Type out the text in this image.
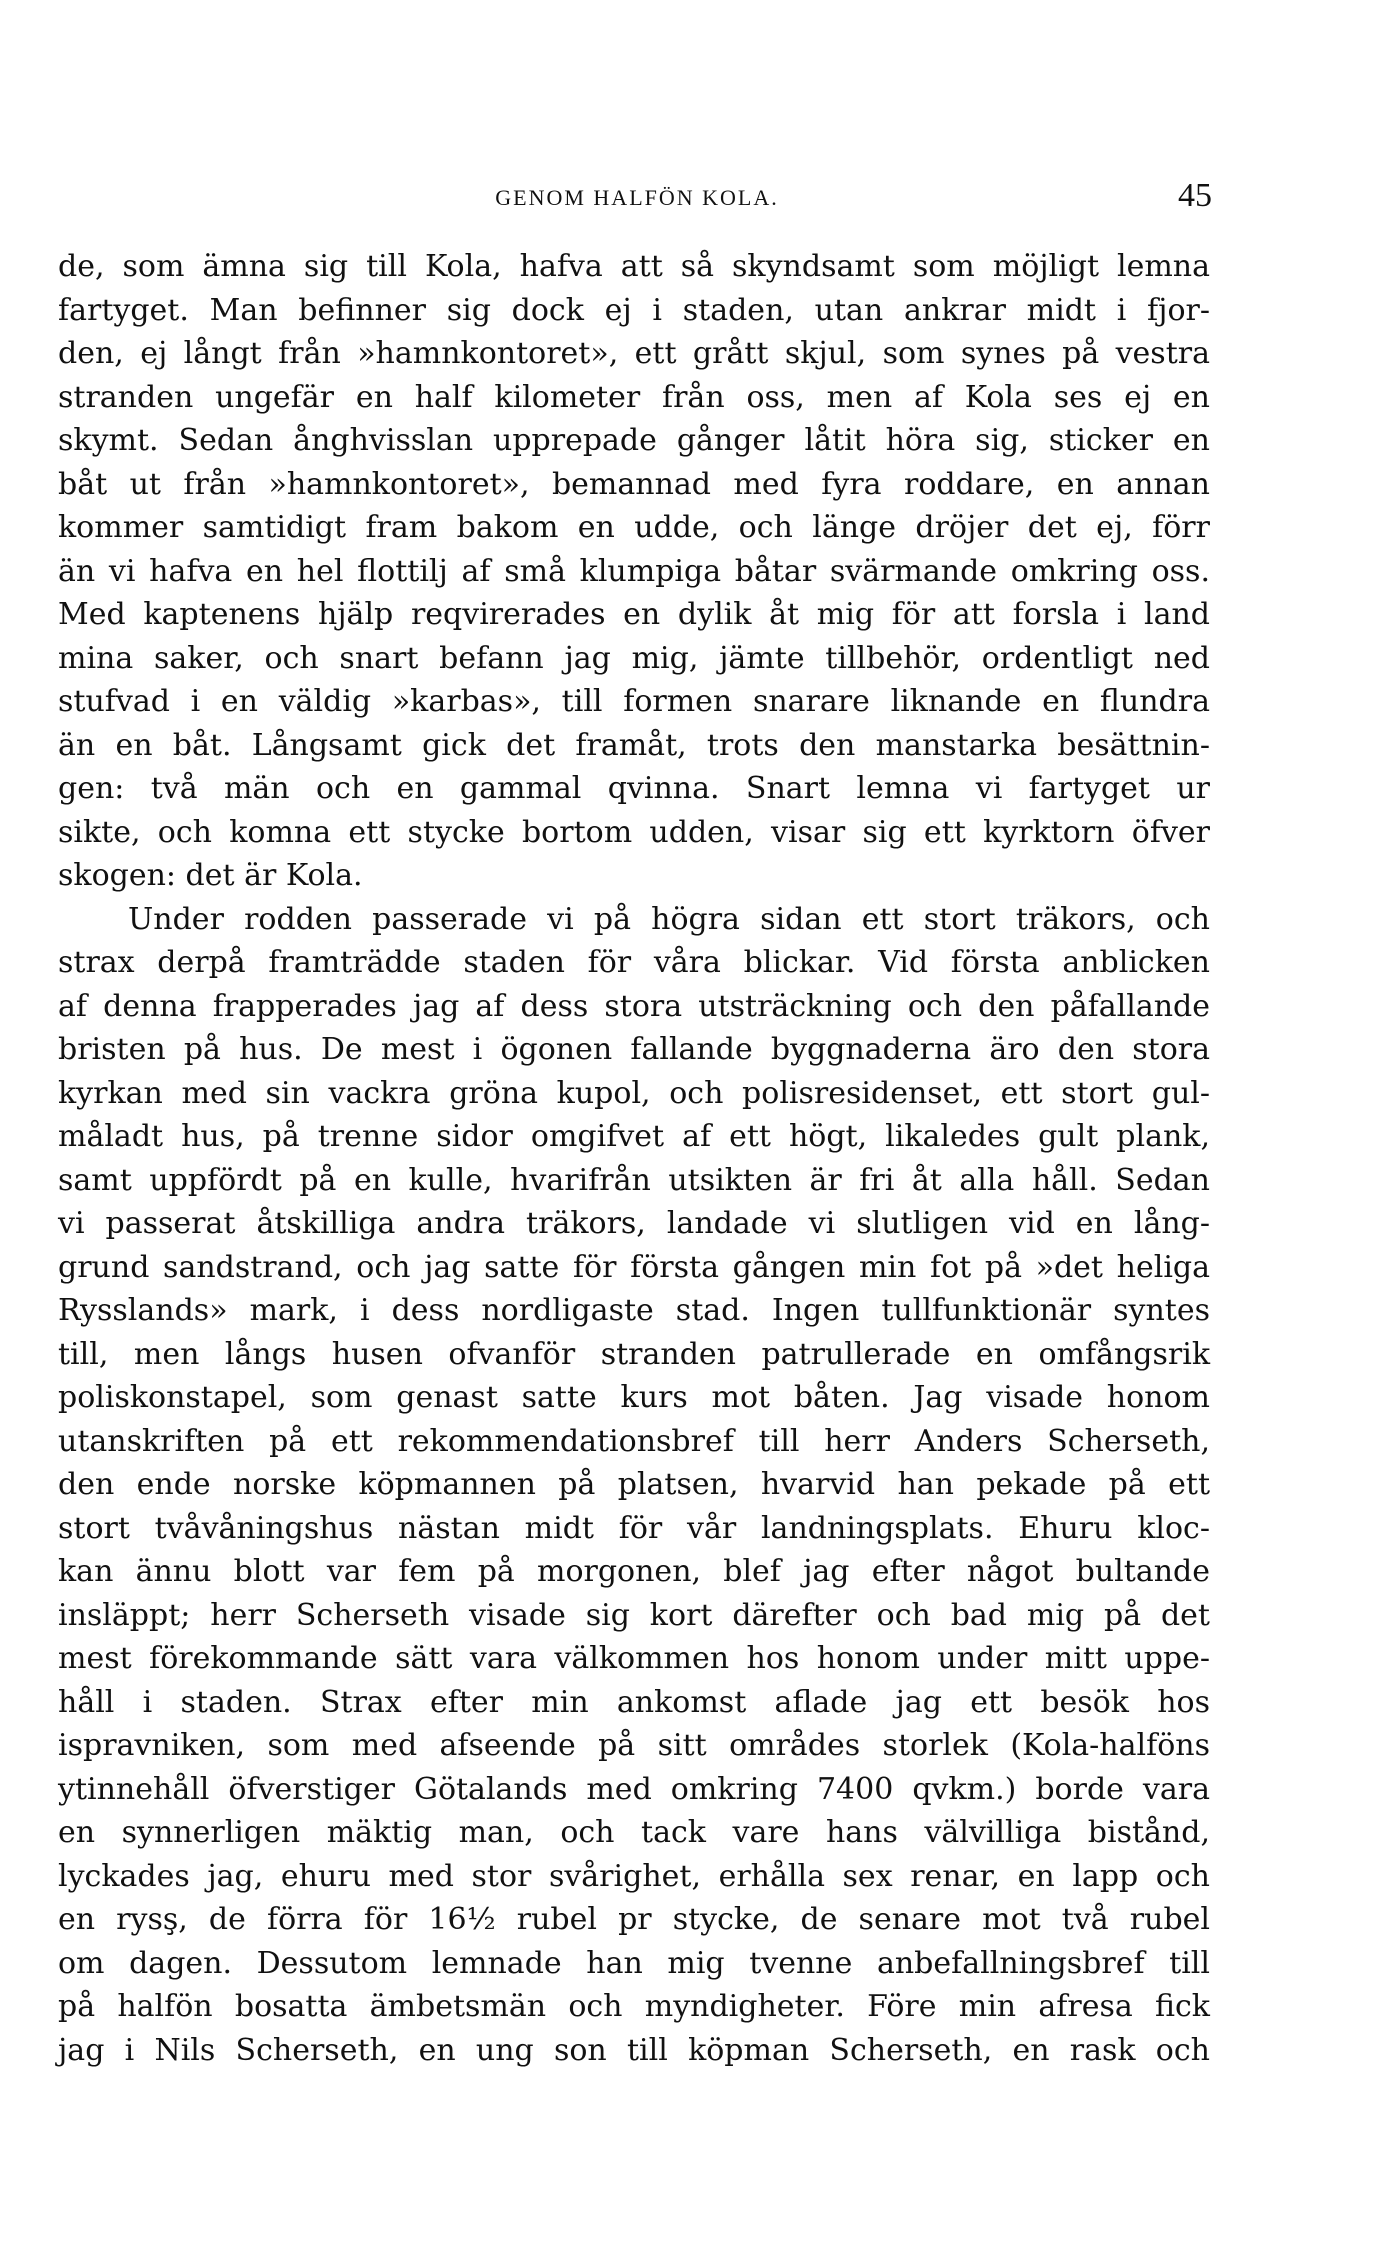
GENOM HALFÖN KOLA.	45
de, som ämna sig till Kola, hafva att så skyndsamt som möjligt lemna
fartyget. Man befinner sig dock ej i staden, utan ankrar midt i fjor-
den, ej långt från »hamnkontoret», ett grått skjul, som synes på vestra
stranden ungefär en half kilometer från oss, men af Kola ses ej en
skymt. Sedan ånghvisslan upprepade gånger låtit höra sig, sticker en
båt ut från »hamnkontoret», bemannad med fyra roddare, en annan
kommer samtidigt fram bakom en udde, och länge dröjer det ej, förr
än vi hafva en hel flottilj af små klumpiga båtar svärmande omkring oss.
Med kaptenens hjälp reqvirerades en dylik åt mig för att forsla i land
mina saker, och snart befann jag mig, jämte tillbehör, ordentligt ned
stufvad i en väldig »karbas», till formen snarare liknande en flundra
än en båt. Långsamt gick det framåt, trots den manstarka besättnin-
gen: två män och en gammal qvinna. Snart lemna vi fartyget ur
sikte, och komna ett stycke bortom udden, visar sig ett kyrktorn öfver
skogen: det är Kola.
Under rodden passerade vi på högra sidan ett stort träkors, och
strax derpå framträdde staden för våra blickar. Vid första anblicken
af denna frapperades jag af dess stora utsträckning och den påfallande
bristen på hus. De mest i ögonen fallande byggnaderna äro den stora
kyrkan med sin vackra gröna kupol, och polisresidenset, ett stort gul-
måladt hus, på trenne sidor omgifvet af ett högt, likaledes gult plank,
samt uppfördt på en kulle, hvarifrån utsikten är fri åt alla håll. Sedan
vi passerat åtskilliga andra träkors, landade vi slutligen vid en lång-
grund sandstrand, och jag satte för första gången min fot på »det heliga
Rysslands» mark, i dess nordligaste stad. Ingen tullfunktionär syntes
till, men långs husen ofvanför stranden patrullerade en omfångsrik
poliskonstapel, som genast satte kurs mot båten. Jag visade honom
utanskriften på ett rekommendationsbref till herr Anders Scherseth,
den ende norske köpmannen på platsen, hvarvid han pekade på ett
stort tvåvåningshus nästan midt för vår landningsplats. Ehuru kloc-
kan ännu blott var fem på morgonen, blef jag efter något bultande
insläppt; herr Scherseth visade sig kort därefter och bad mig på det
mest förekommande sätt vara välkommen hos honom under mitt uppe-
håll i staden. Strax efter min ankomst aflade jag ett besök hos
ispravniken, som med afseende på sitt områdes storlek (Kola-halföns
ytinnehåll öfverstiger Götalands med omkring 7400 qvkm.) borde vara
en synnerligen mäktig man, och tack vare hans välvilliga bistånd,
lyckades jag, ehuru med stor svårighet, erhålla sex renar, en lapp och
en rysş, de förra för 16½ rubel pr stycke, de senare mot två rubel
om dagen. Dessutom lemnade han mig tvenne anbefallningsbref till
på halfön bosatta ämbetsmän och myndigheter. Före min afresa fick
jag i Nils Scherseth, en ung son till köpman Scherseth, en rask och
